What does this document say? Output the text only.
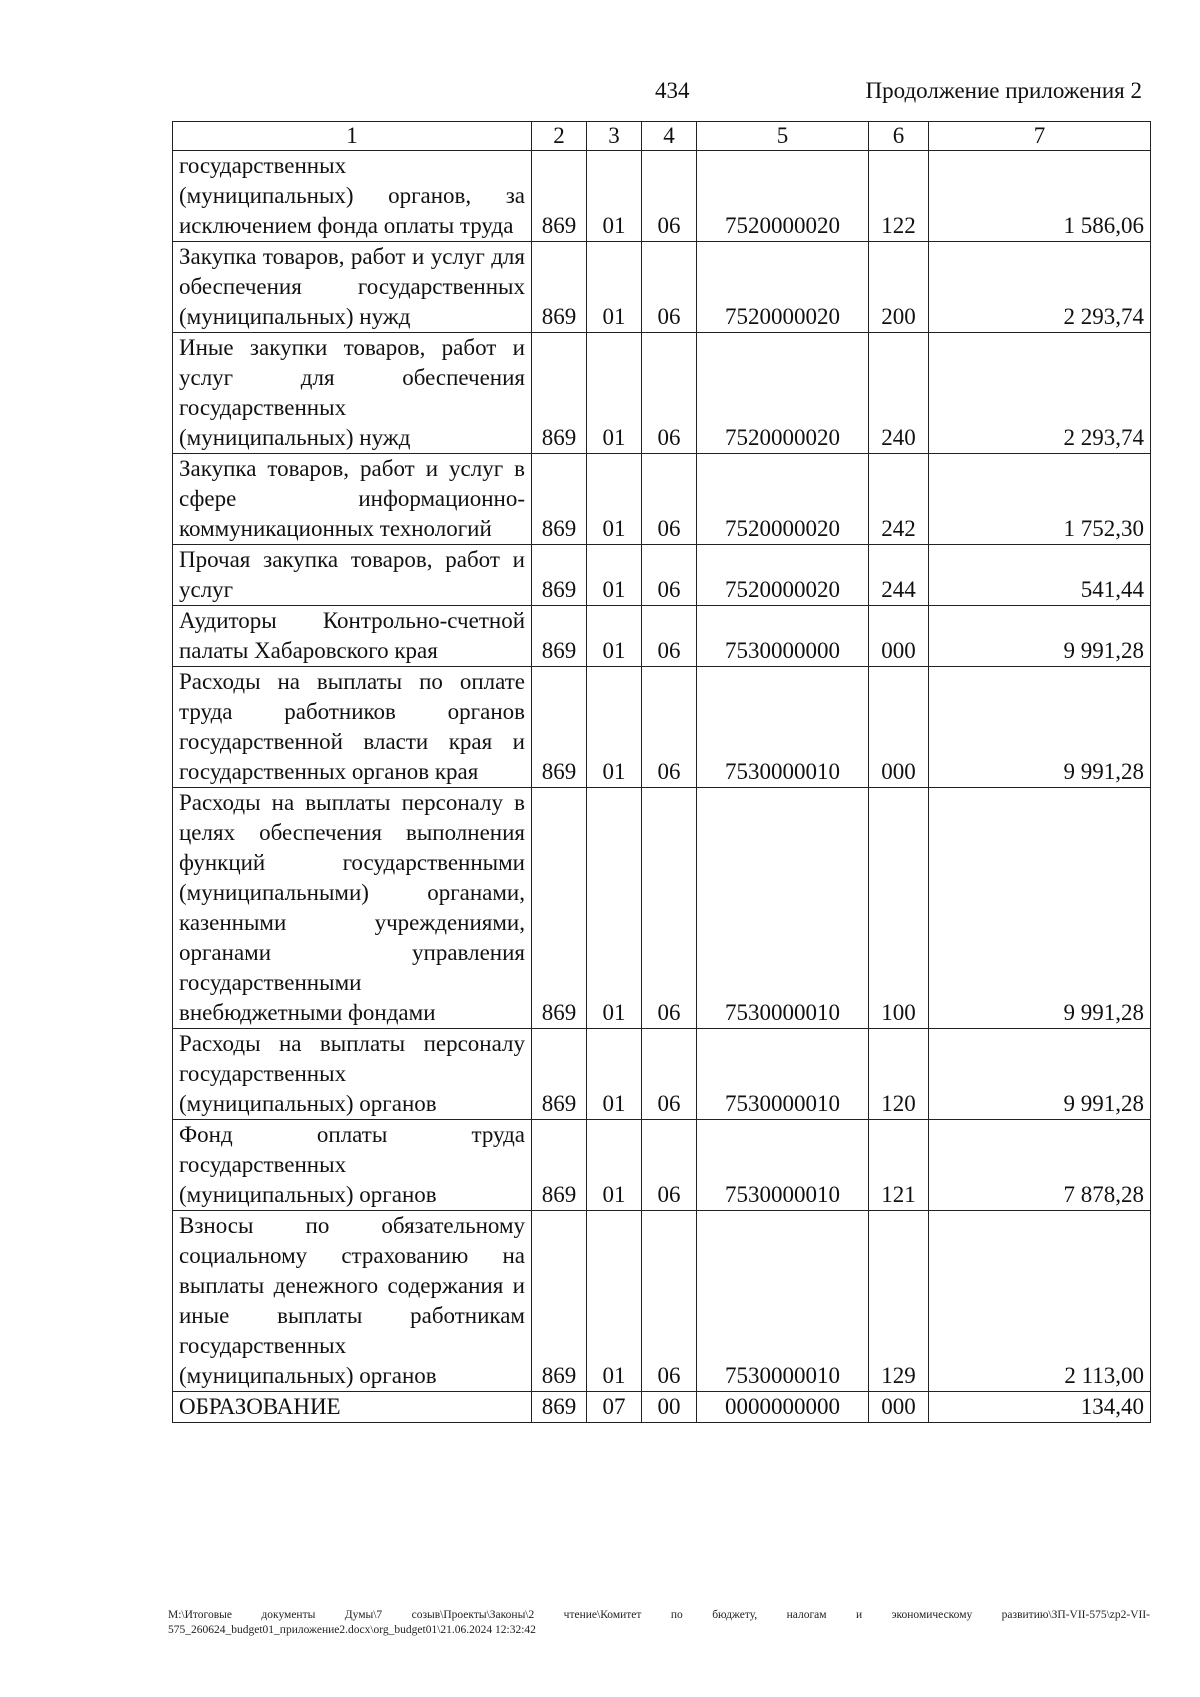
434	Продолжение приложения 2
1	2	3	4	5	6	7
государственных (муниципальных) органов, за исключением фонда оплаты труда	869	01	06	7520000020	122	1 586,06
Закупка товаров, работ и услуг для обеспечения государственных (муниципальных) нужд	869	01	06	7520000020	200	2 293,74
Иные закупки товаров, работ и услуг для обеспечения государственных (муниципальных) нужд	869	01	06	7520000020	240	2 293,74
Закупка товаров, работ и услуг в сфере информационно-коммуникационных технологий	869	01	06	7520000020	242	1 752,30
Прочая закупка товаров, работ и услуг	869	01	06	7520000020	244	541,44
Аудиторы Контрольно-счетной палаты Хабаровского края	869	01	06	7530000000	000	9 991,28
Расходы на выплаты по оплате труда работников органов государственной власти края и государственных органов края	869	01	06	7530000010	000	9 991,28
Расходы на выплаты персоналу в целях обеспечения выполнения функций государственными (муниципальными) органами, казенными учреждениями, органами управления государственными внебюджетными фондами	869	01	06	7530000010	100	9 991,28
Расходы на выплаты персоналу государственных (муниципальных) органов	869	01	06	7530000010	120	9 991,28
Фонд оплаты труда государственных (муниципальных) органов	869	01	06	7530000010	121	7 878,28
Взносы по обязательному социальному страхованию на выплаты денежного содержания и иные выплаты работникам государственных (муниципальных) органов	869	01	06	7530000010	129	2 113,00
ОБРАЗОВАНИЕ	869	07	00	0000000000	000	134,40
M:\Итоговые документы Думы\7 созыв\Проекты\Законы\2 чтение\Комитет по бюджету, налогам и экономическому развитию\ЗП-VII-575\zp2-VII-575_260624_budget01_приложение2.docx\org_budget01\21.06.2024 12:32:42
